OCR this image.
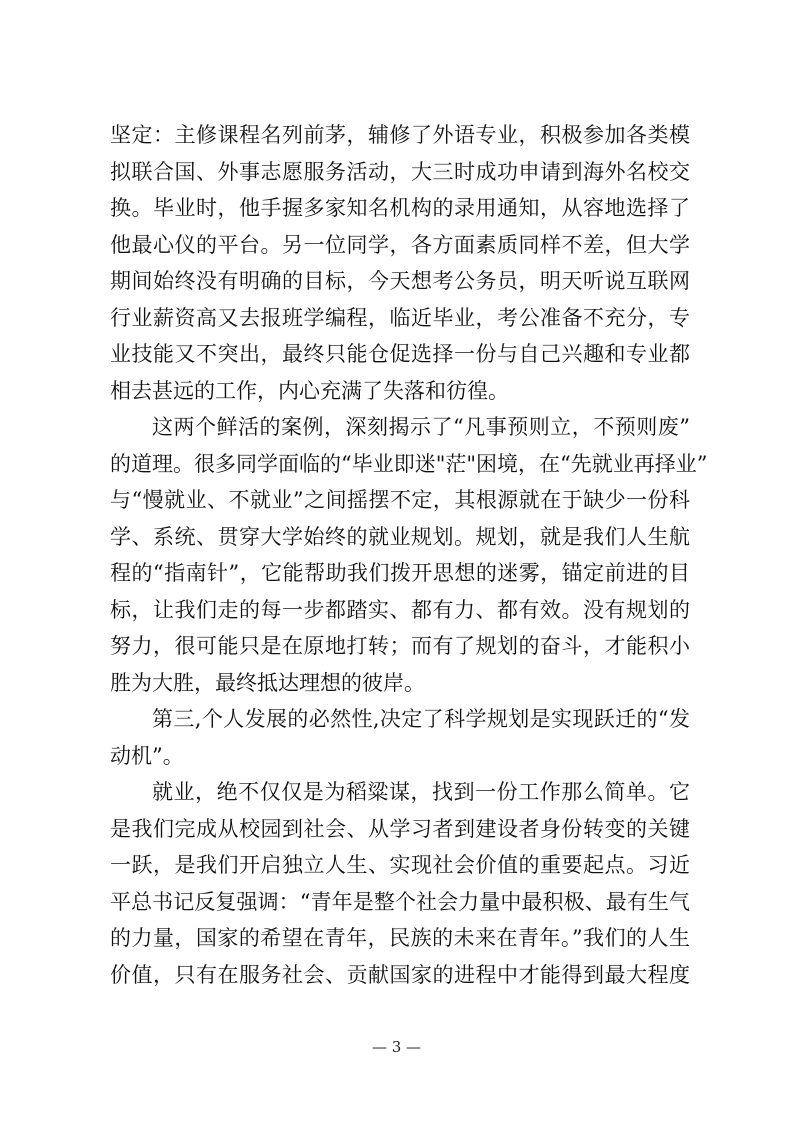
坚定：主修课程名列前茅，辅修了外语专业，积极参加各类模
拟联合国、外事志愿服务活动，大三时成功申请到海外名校交
换。毕业时，他手握多家知名机构的录用通知，从容地选择了
他最心仪的平台。另一位同学，各方面素质同样不差，但大学
期间始终没有明确的目标，今天想考公务员，明天听说互联网
行业薪资高又去报班学编程，临近毕业，考公准备不充分，专
业技能又不突出，最终只能仓促选择一份与自己兴趣和专业都
相去甚远的工作，内心充满了失落和彷徨。
这两个鲜活的案例，深刻揭示了“凡事预则立，不预则废”
的道理。很多同学面临的“毕业即迷"茫"困境，在“先就业再择业”
与“慢就业、不就业”之间摇摆不定，其根源就在于缺少一份科
学、系统、贯穿大学始终的就业规划。规划，就是我们人生航
程的“指南针”，它能帮助我们拨开思想的迷雾，锚定前进的目
标，让我们走的每一步都踏实、都有力、都有效。没有规划的
努力，很可能只是在原地打转；而有了规划的奋斗，才能积小
胜为大胜，最终抵达理想的彼岸。
第三,个人发展的必然性,决定了科学规划是实现跃迁的“发
动机”。
就业，绝不仅仅是为稻粱谋，找到一份工作那么简单。它
是我们完成从校园到社会、从学习者到建设者身份转变的关键
一跃，是我们开启独立人生、实现社会价值的重要起点。习近
平总书记反复强调：“青年是整个社会力量中最积极、最有生气
的力量，国家的希望在青年，民族的未来在青年。”我们的人生
价值，只有在服务社会、贡献国家的进程中才能得到最大程度
— 3 —
